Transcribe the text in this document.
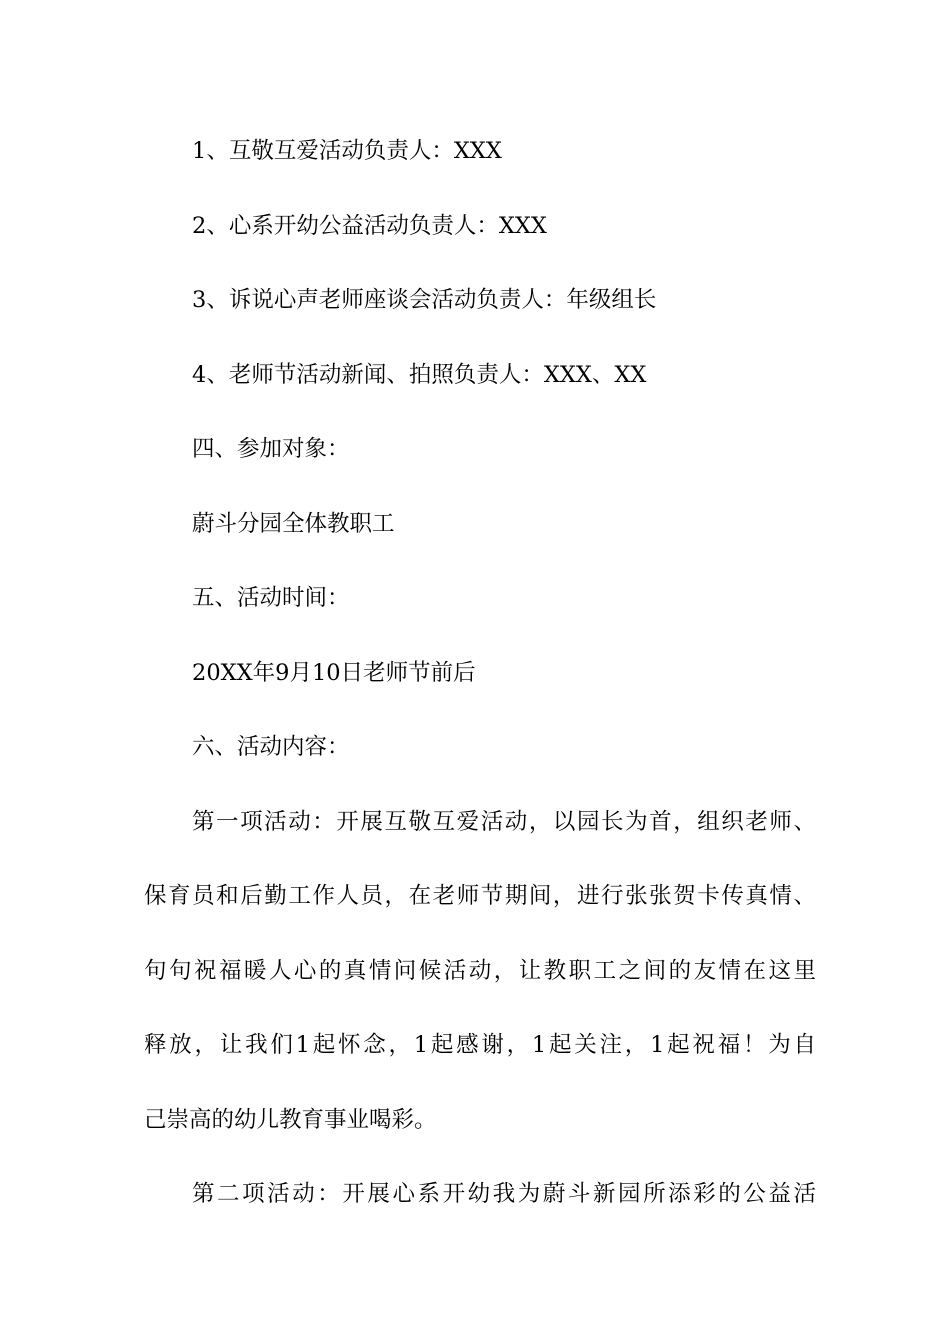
1、互敬互爱活动负责人：XXX
2、心系开幼公益活动负责人：XXX
3、诉说心声老师座谈会活动负责人：年级组长
4、老师节活动新闻、拍照负责人：XXX、XX
四、参加对象：
蔚斗分园全体教职工
五、活动时间：
20XX年9月10日老师节前后
六、活动内容：
第一项活动：开展互敬互爱活动，以园长为首，组织老师、
保育员和后勤工作人员，在老师节期间，进行张张贺卡传真情、
句句祝福暖人心的真情问候活动，让教职工之间的友情在这里
释放，让我们1起怀念，1起感谢，1起关注，1起祝福！为自
己崇高的幼儿教育事业喝彩。
第二项活动：开展心系开幼我为蔚斗新园所添彩的公益活
